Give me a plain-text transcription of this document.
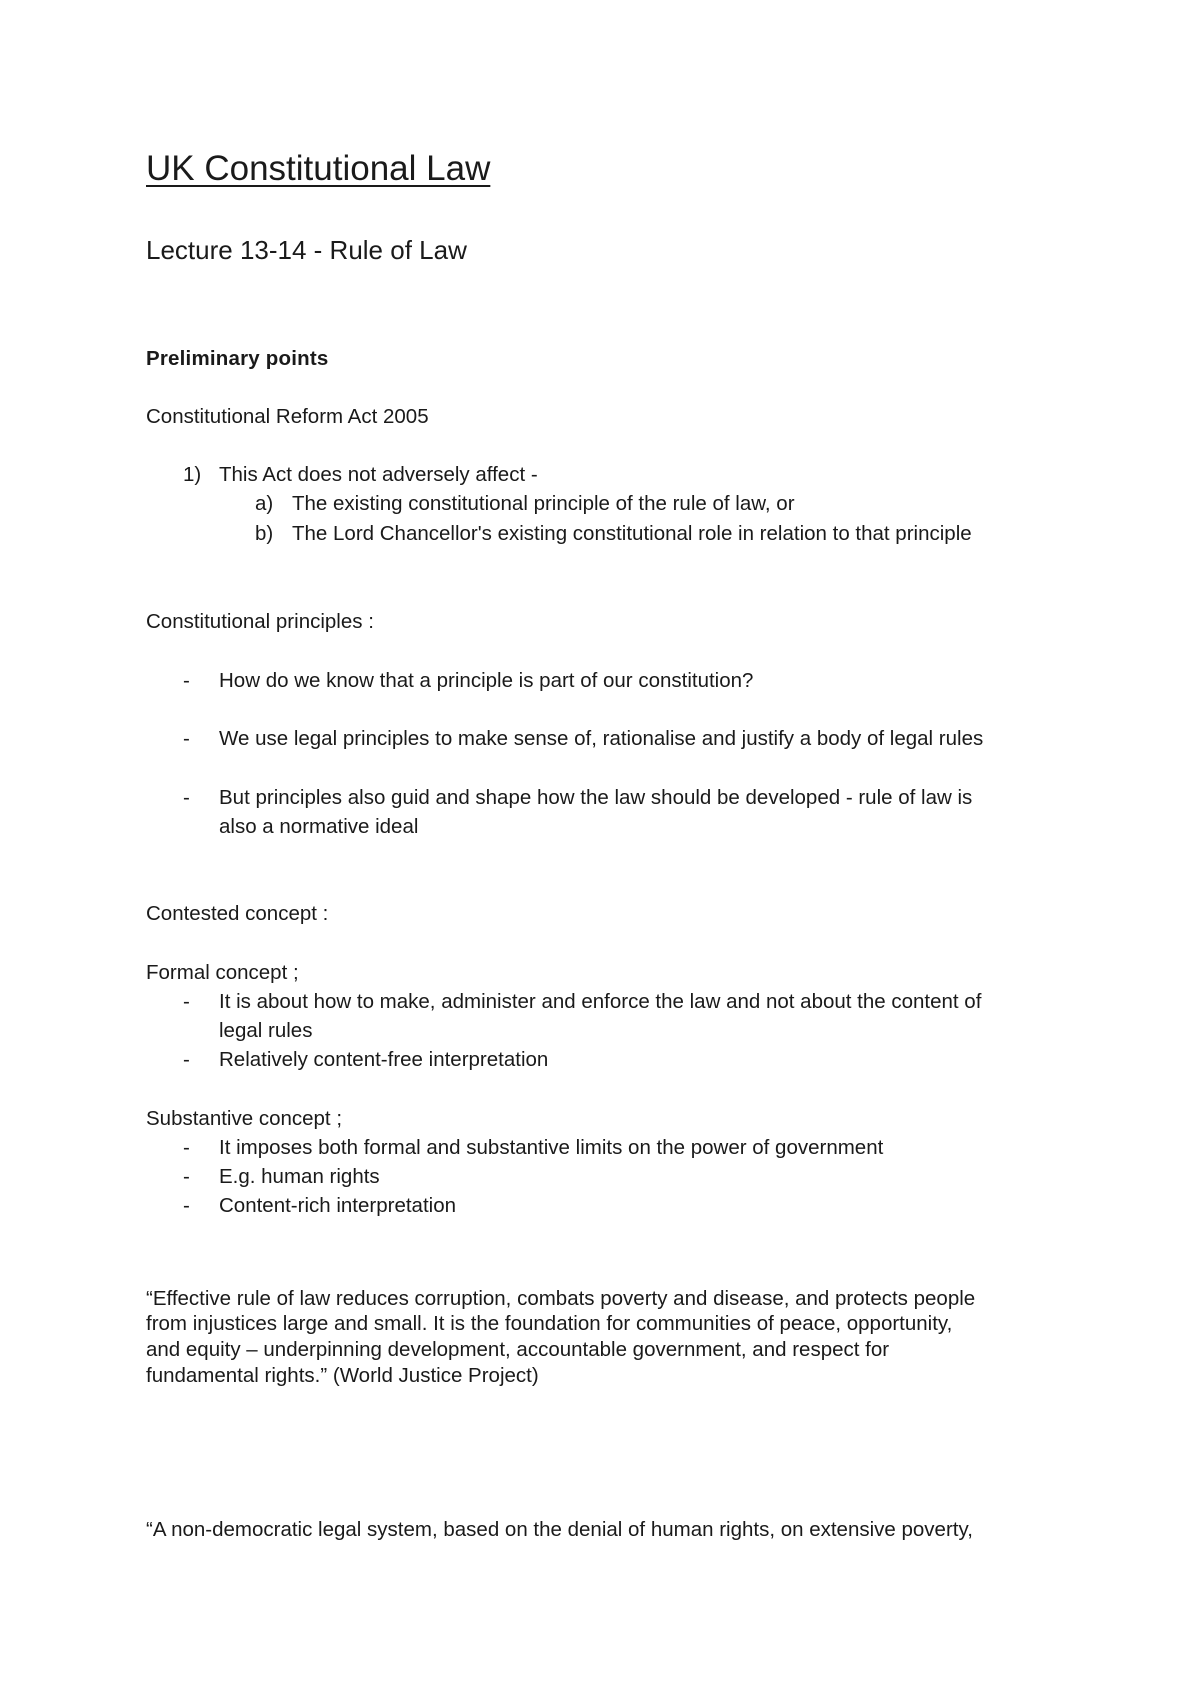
UK Constitutional Law
Lecture 13-14 - Rule of Law
Preliminary points
Constitutional Reform Act 2005
1) This Act does not adversely affect -
a) The existing constitutional principle of the rule of law, or
b) The Lord Chancellor's existing constitutional role in relation to that principle
Constitutional principles :
- How do we know that a principle is part of our constitution?
- We use legal principles to make sense of, rationalise and justify a body of legal rules
- But principles also guid and shape how the law should be developed - rule of law is
also a normative ideal
Contested concept :
Formal concept ;
- It is about how to make, administer and enforce the law and not about the content of
legal rules
- Relatively content-free interpretation
Substantive concept ;
- It imposes both formal and substantive limits on the power of government
- E.g. human rights
- Content-rich interpretation
“Effective rule of law reduces corruption, combats poverty and disease, and protects people
from injustices large and small. It is the foundation for communities of peace, opportunity,
and equity – underpinning development, accountable government, and respect for
fundamental rights.” (World Justice Project)
“A non-democratic legal system, based on the denial of human rights, on extensive poverty,
